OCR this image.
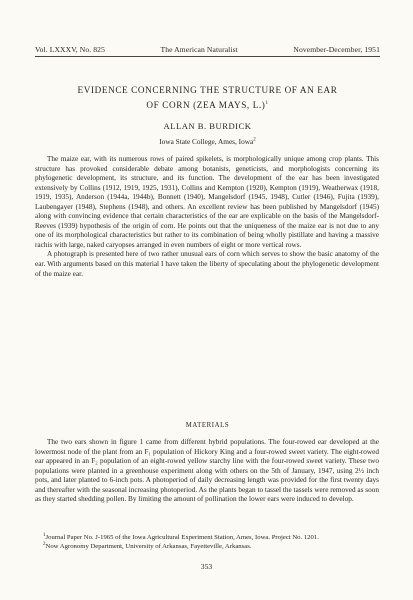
Vol. LXXXV, No. 825	The American Naturalist	November-December, 1951
EVIDENCE CONCERNING THE STRUCTURE OF AN EAR
OF CORN (ZEA MAYS, L.)$^1$
ALLAN B. BURDICK
Iowa State College, Ames, Iowa$^2$

The maize ear, with its numerous rows of paired spikelets, is morphologically unique among crop plants. This structure has provoked considerable debate among botanists, geneticists, and morphologists concerning its phylogenetic development, its structure, and its function. The development of the ear has been investigated extensively by Collins (1912, 1919, 1925, 1931), Collins and Kempton (1920), Kempton (1919), Weatherwax (1918, 1919, 1935), Anderson (1944a, 1944b), Bonnett (1940), Mangelsdorf (1945, 1948), Cutler (1946), Fujita (1939), Laubengayer (1948), Stephens (1948), and others. An excellent review has been published by Mangelsdorf (1945) along with convincing evidence that certain characteristics of the ear are explicable on the basis of the Mangelsdorf-Reeves (1939) hypothesis of the origin of corn. He points out that the uniqueness of the maize ear is not due to any one of its morphological characteristics but rather to its combination of being wholly pistillate and having a massive rachis with large, naked caryopses arranged in even numbers of eight or more vertical rows.

A photograph is presented here of two rather unusual ears of corn which serves to show the basic anatomy of the ear. With arguments based on this material I have taken the liberty of speculating about the phylogenetic development of the maize ear.

MATERIALS

The two ears shown in figure 1 came from different hybrid populations. The four-rowed ear developed at the lowermost node of the plant from an F₁ population of Hickory King and a four-rowed sweet variety. The eight-rowed ear appeared in an F₂ population of an eight-rowed yellow starchy line with the four-rowed sweet variety. These two populations were planted in a greenhouse experiment along with others on the 5th of January, 1947, using 2½ inch pots, and later planted to 6-inch pots. A photoperiod of daily decreasing length was provided for the first twenty days and thereafter with the seasonal increasing photoperiod. As the plants began to tassel the tassels were removed as soon as they started shedding pollen. By limiting the amount of pollination the lower ears were induced to develop.

$^1$Journal Paper No. J-1965 of the Iowa Agricultural Experiment Station, Ames, Iowa. Project No. 1201.

$^2$Now Agronomy Department, University of Arkansas, Fayetteville, Arkansas.

353
